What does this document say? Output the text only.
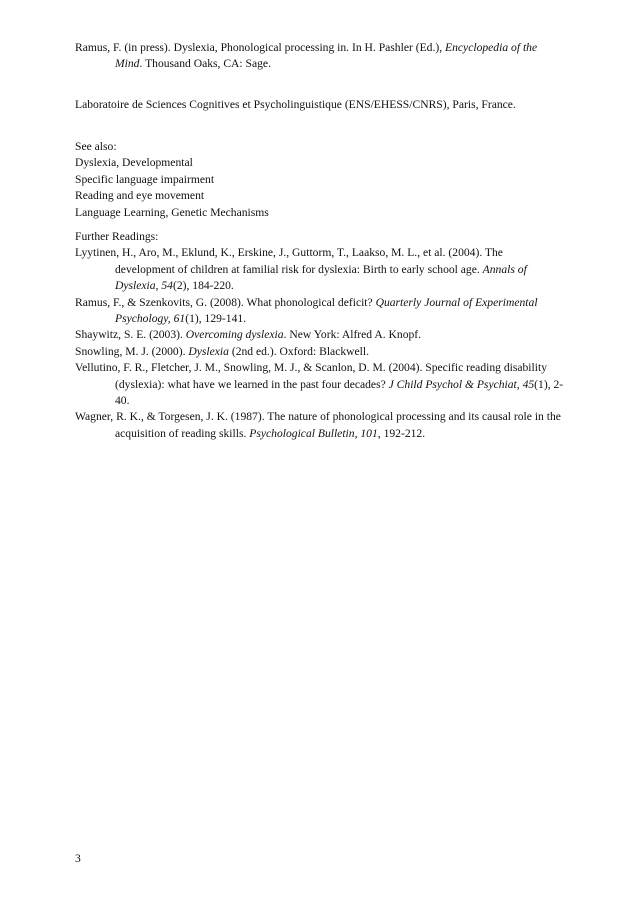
Ramus, F. (in press). Dyslexia, Phonological processing in. In H. Pashler (Ed.), Encyclopedia of the Mind. Thousand Oaks, CA: Sage.

Laboratoire de Sciences Cognitives et Psycholinguistique (ENS/EHESS/CNRS), Paris, France.

See also:

Dyslexia, Developmental

Specific language impairment

Reading and eye movement

Language Learning, Genetic Mechanisms

Further Readings:

Lyytinen, H., Aro, M., Eklund, K., Erskine, J., Guttorm, T., Laakso, M. L., et al. (2004). The development of children at familial risk for dyslexia: Birth to early school age. Annals of Dyslexia, 54(2), 184-220.

Ramus, F., & Szenkovits, G. (2008). What phonological deficit? Quarterly Journal of Experimental Psychology, 61(1), 129-141.

Shaywitz, S. E. (2003). Overcoming dyslexia. New York: Alfred A. Knopf.

Snowling, M. J. (2000). Dyslexia (2nd ed.). Oxford: Blackwell.

Vellutino, F. R., Fletcher, J. M., Snowling, M. J., & Scanlon, D. M. (2004). Specific reading disability (dyslexia): what have we learned in the past four decades? J Child Psychol & Psychiat, 45(1), 2-40.

Wagner, R. K., & Torgesen, J. K. (1987). The nature of phonological processing and its causal role in the acquisition of reading skills. Psychological Bulletin, 101, 192-212.

3
